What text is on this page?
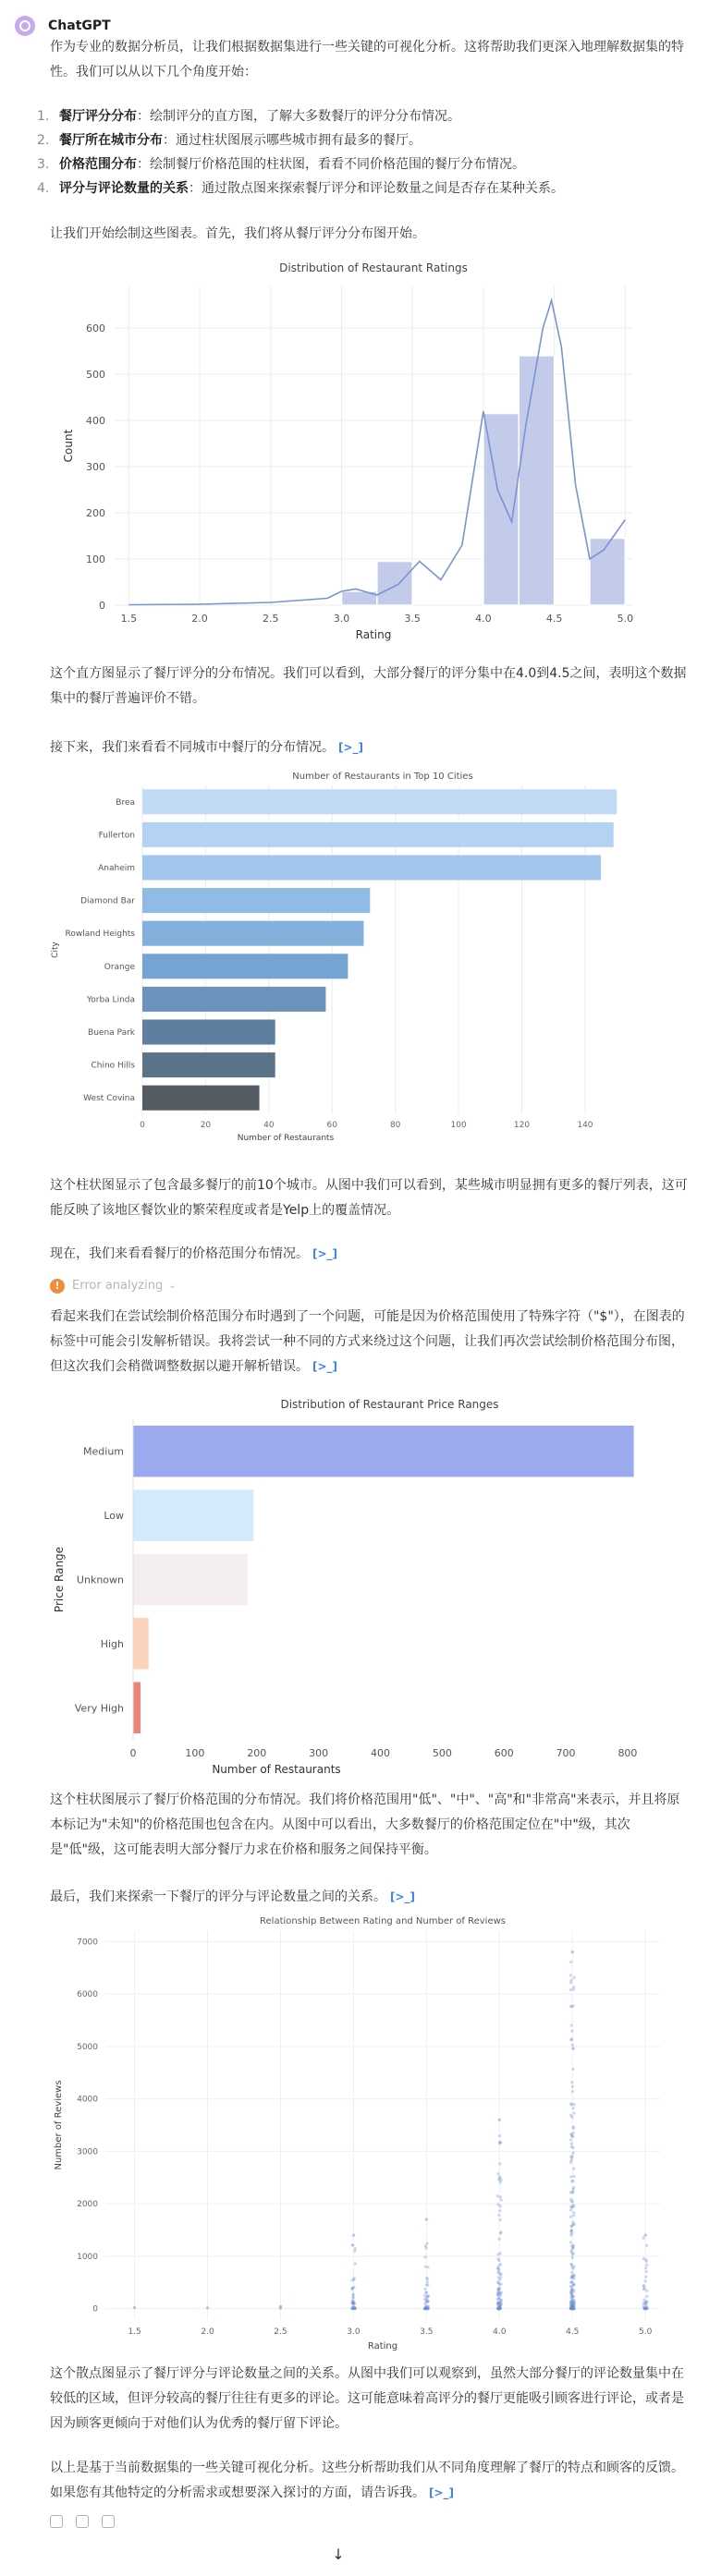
ChatGPT

作为专业的数据分析员，让我们根据数据集进行一些关键的可视化分析。这将帮助我们更深入地理解数据集的特性。我们可以从以下几个角度开始：

1. 餐厅评分分布：绘制评分的直方图，了解大多数餐厅的评分分布情况。
2. 餐厅所在城市分布：通过柱状图展示哪些城市拥有最多的餐厅。
3. 价格范围分布：绘制餐厅价格范围的柱状图，看看不同价格范围的餐厅分布情况。
4. 评分与评论数量的关系：通过散点图来探索餐厅评分和评论数量之间是否存在某种关系。

让我们开始绘制这些图表。首先，我们将从餐厅评分分布图开始。

Distribution of Restaurant Ratings
0
100
200
300
400
500
600
1.5	2.0	2.5	3.0	3.5	4.0	4.5	5.0
Rating
Count

这个直方图显示了餐厅评分的分布情况。我们可以看到，大部分餐厅的评分集中在4.0到4.5之间，表明这个数据集中的餐厅普遍评价不错。

接下来，我们来看看不同城市中餐厅的分布情况。 [>_]

Number of Restaurants in Top 10 Cities
0	20	40	60	80	100	120	140
Brea
Fullerton
Anaheim
Diamond Bar
Rowland Heights
Orange
Yorba Linda
Buena Park
Chino Hills
West Covina
Number of Restaurants
City

这个柱状图显示了包含最多餐厅的前10个城市。从图中我们可以看到，某些城市明显拥有更多的餐厅列表，这可能反映了该地区餐饮业的繁荣程度或者是Yelp上的覆盖情况。

现在，我们来看看餐厅的价格范围分布情况。 [>_]

!	Error analyzing ⌄

看起来我们在尝试绘制价格范围分布时遇到了一个问题，可能是因为价格范围使用了特殊字符（"$"），在图表的标签中可能会引发解析错误。我将尝试一种不同的方式来绕过这个问题，让我们再次尝试绘制价格范围分布图，但这次我们会稍微调整数据以避开解析错误。 [>_]

Distribution of Restaurant Price Ranges
Medium
Low
Unknown
High
Very High
0	100	200	300	400	500	600	700	800
Number of Restaurants
Price Range

这个柱状图展示了餐厅价格范围的分布情况。我们将价格范围用"低"、"中"、"高"和"非常高"来表示，并且将原本标记为"未知"的价格范围也包含在内。从图中可以看出，大多数餐厅的价格范围定位在"中"级，其次是"低"级，这可能表明大部分餐厅力求在价格和服务之间保持平衡。

最后，我们来探索一下餐厅的评分与评论数量之间的关系。 [>_]

Relationship Between Rating and Number of Reviews
0
1000
2000
3000
4000
5000
6000
7000
1.5	2.0	2.5	3.0	3.5	4.0	4.5	5.0
Rating
Number of Reviews

这个散点图显示了餐厅评分与评论数量之间的关系。从图中我们可以观察到，虽然大部分餐厅的评论数量集中在较低的区域，但评分较高的餐厅往往有更多的评论。这可能意味着高评分的餐厅更能吸引顾客进行评论，或者是因为顾客更倾向于对他们认为优秀的餐厅留下评论。

以上是基于当前数据集的一些关键可视化分析。这些分析帮助我们从不同角度理解了餐厅的特点和顾客的反馈。如果您有其他特定的分析需求或想要深入探讨的方面，请告诉我。 [>_]

↓
